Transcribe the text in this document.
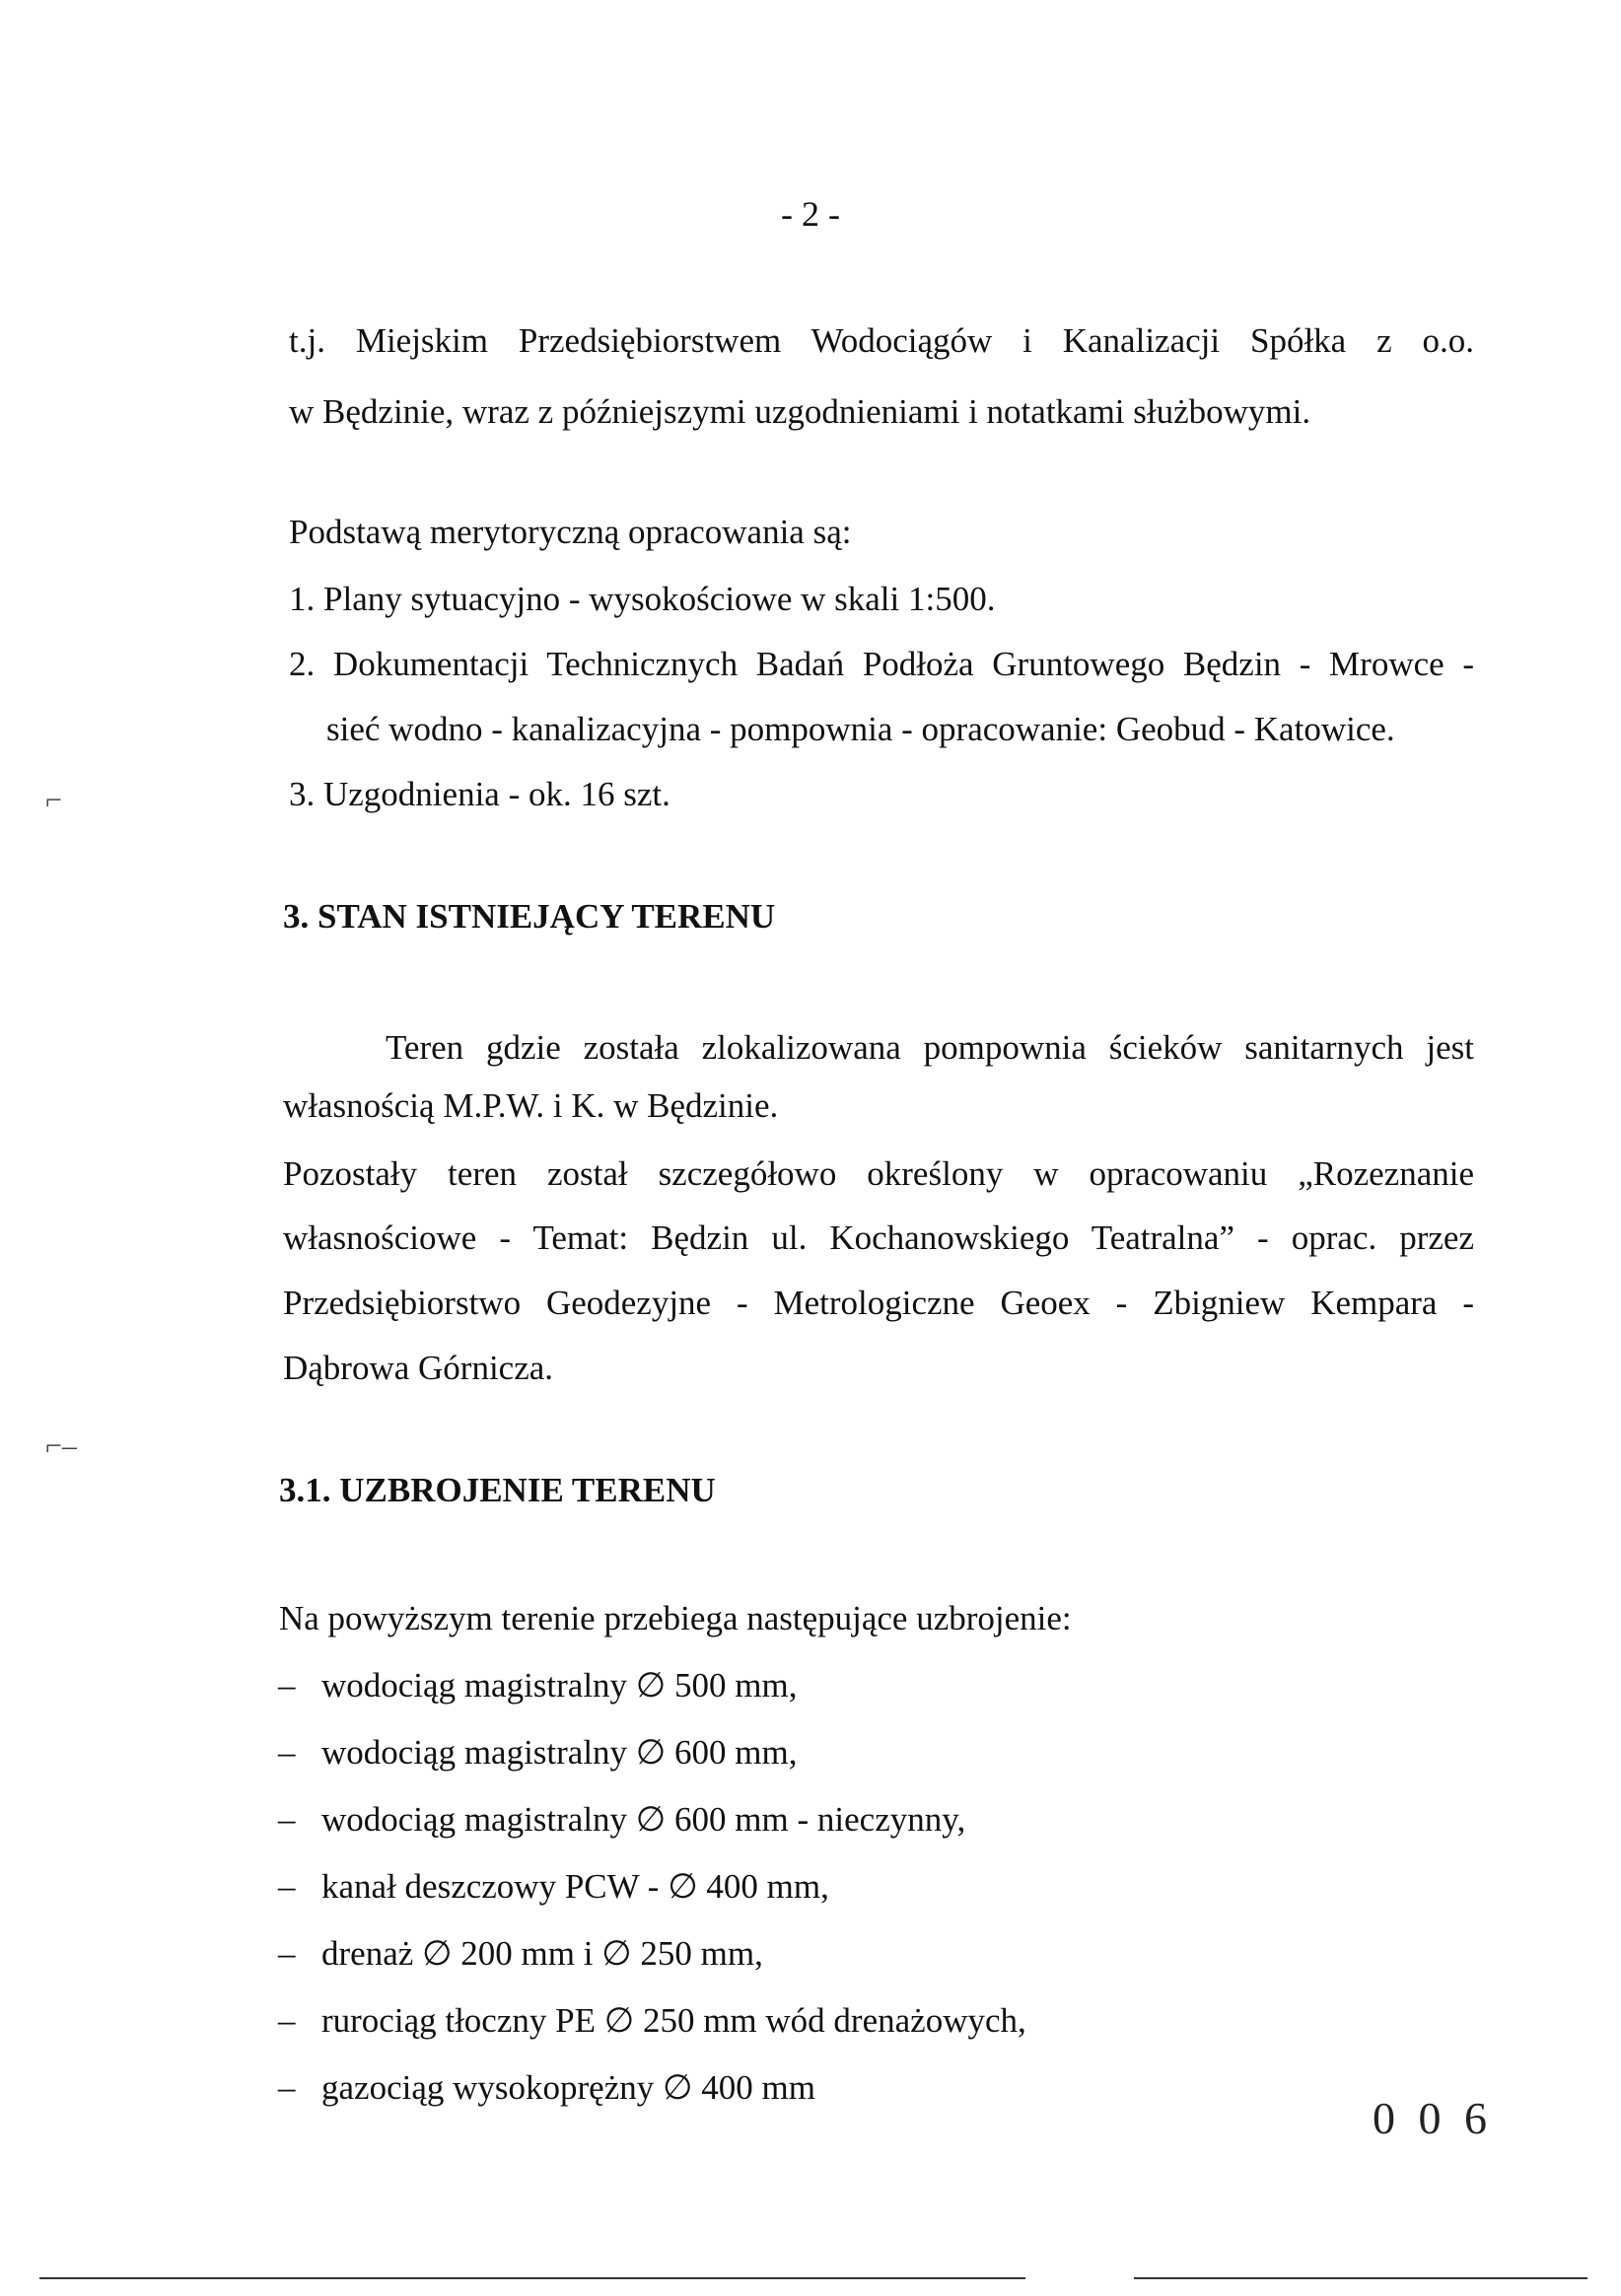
- 2 -
t.j. Miejskim Przedsiębiorstwem Wodociągów i Kanalizacji Spółka z o.o.
w Będzinie, wraz z późniejszymi uzgodnieniami i notatkami służbowymi.
Podstawą merytoryczną opracowania są:
1. Plany sytuacyjno - wysokościowe w skali 1:500.
2. Dokumentacji Technicznych Badań Podłoża Gruntowego Będzin - Mrowce -
sieć wodno - kanalizacyjna - pompownia - opracowanie: Geobud - Katowice.
3. Uzgodnienia - ok. 16 szt.
3. STAN ISTNIEJĄCY TERENU
Teren gdzie została zlokalizowana pompownia ścieków sanitarnych jest
własnością M.P.W. i K. w Będzinie.
Pozostały teren został szczegółowo określony w opracowaniu „Rozeznanie
własnościowe - Temat: Będzin ul. Kochanowskiego Teatralna” - oprac. przez
Przedsiębiorstwo Geodezyjne - Metrologiczne Geoex - Zbigniew Kempara -
Dąbrowa Górnicza.
3.1. UZBROJENIE TERENU
Na powyższym terenie przebiega następujące uzbrojenie:
– wodociąg magistralny ∅ 500 mm,
– wodociąg magistralny ∅ 600 mm,
– wodociąg magistralny ∅ 600 mm - nieczynny,
– kanał deszczowy PCW - ∅ 400 mm,
– drenaż ∅ 200 mm i ∅ 250 mm,
– rurociąg tłoczny PE ∅ 250 mm wód drenażowych,
– gazociąg wysokoprężny ∅ 400 mm
0 0 6
⌐
⌐–
